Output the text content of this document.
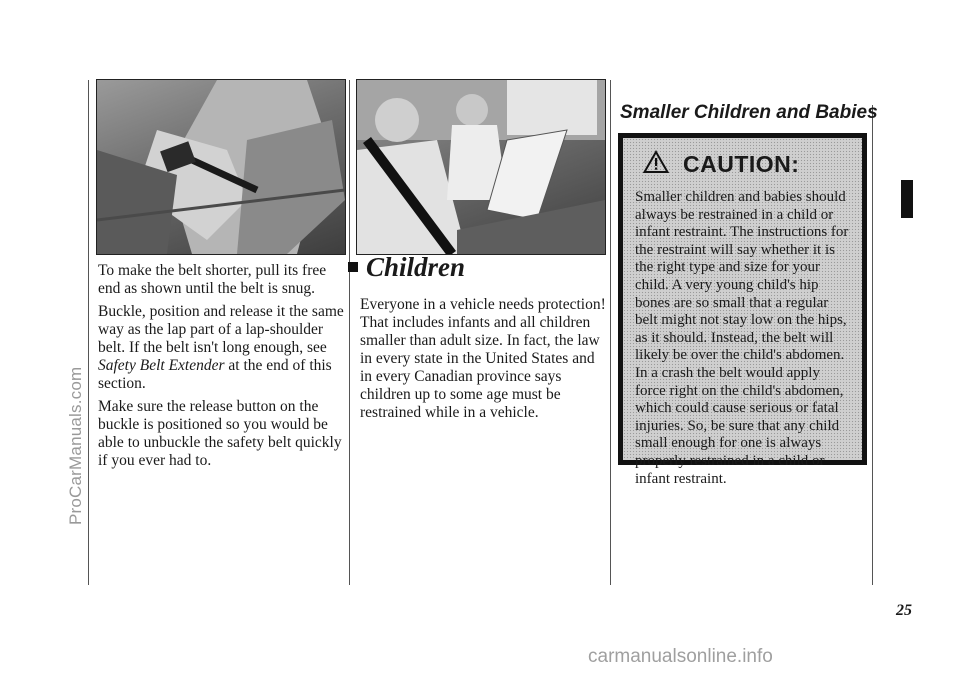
To make the belt shorter, pull its free end as shown until the belt is snug.

Buckle, position and release it the same way as the lap part of a lap-shoulder belt. If the belt isn't long enough, see Safety Belt Extender at the end of this section.

Make sure the release button on the buckle is positioned so you would be able to unbuckle the safety belt quickly if you ever had to.

Children

Everyone in a vehicle needs protection! That includes infants and all children smaller than adult size. In fact, the law in every state in the United States and in every Canadian province says children up to some age must be restrained while in a vehicle.

Smaller Children and Babies
CAUTION:

Smaller children and babies should always be restrained in a child or infant restraint. The instructions for the restraint will say whether it is the right type and size for your child. A very young child's hip bones are so small that a regular belt might not stay low on the hips, as it should. Instead, the belt will likely be over the child's abdomen. In a crash the belt would apply force right on the child's abdomen, which could cause serious or fatal injuries. So, be sure that any child small enough for one is always properly restrained in a child or infant restraint.

25
ProCarManuals.com
carmanualsonline.info
